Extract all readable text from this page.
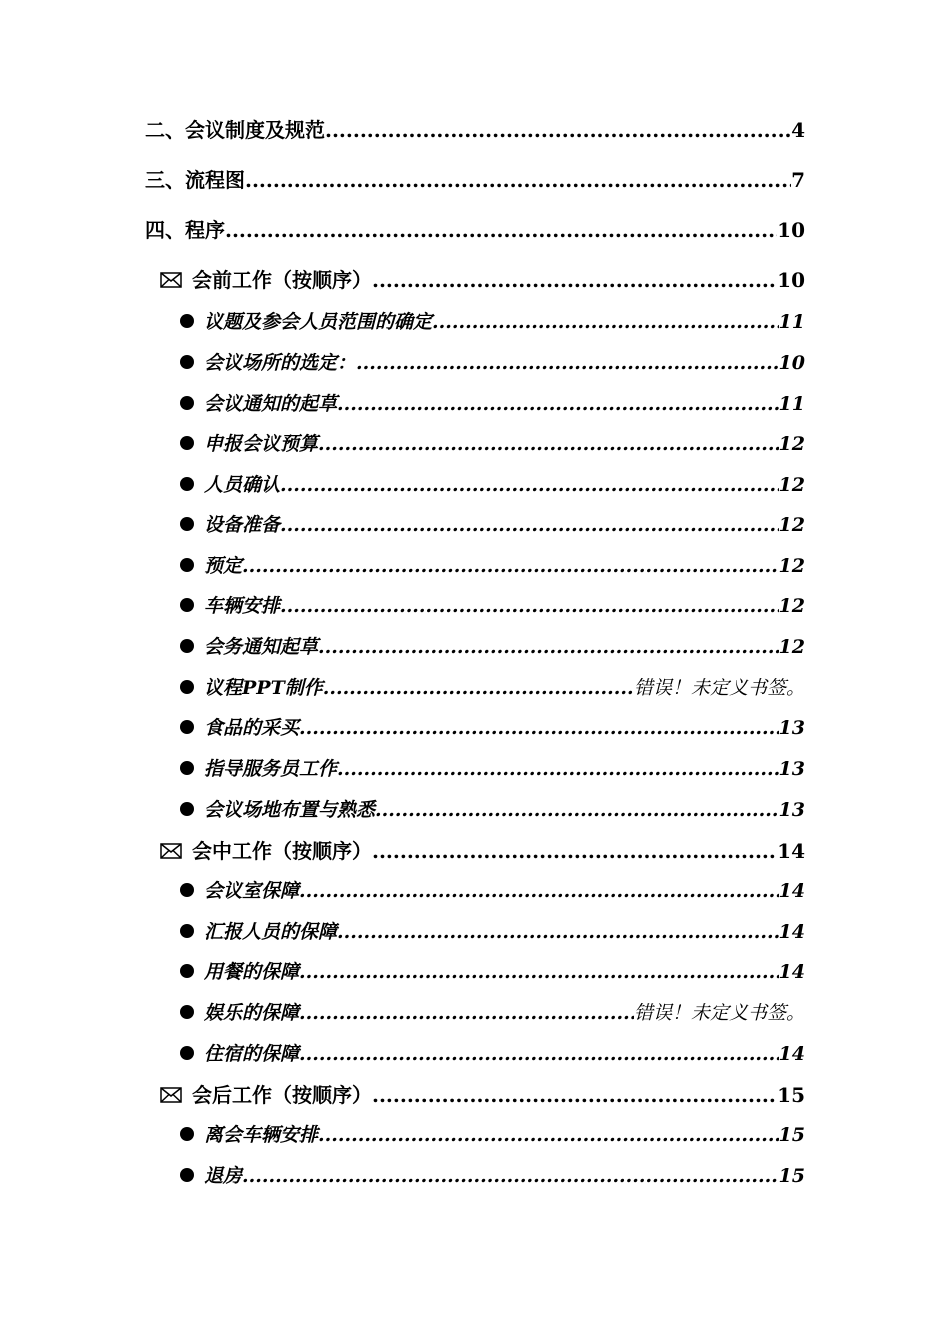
二、会议制度及规范 .....	4
三、流程图 .....	7
四、程序 .....	10
会前工作（按顺序） .....	10
议题及参会人员范围的确定 .....	11
会议场所的选定： .....	10
会议通知的起草 .....	11
申报会议预算 .....	12
人员确认 .....	12
设备准备 .....	12
预定 .....	12
车辆安排 .....	12
会务通知起草 .....	12
议程PPT制作 .....	错误！未定义书签。
食品的采买 .....	13
指导服务员工作 .....	13
会议场地布置与熟悉 .....	13
会中工作（按顺序） .....	14
会议室保障 .....	14
汇报人员的保障 .....	14
用餐的保障 .....	14
娱乐的保障 .....	错误！未定义书签。
住宿的保障 .....	14
会后工作（按顺序） .....	15
离会车辆安排 .....	15
退房 .....	15
